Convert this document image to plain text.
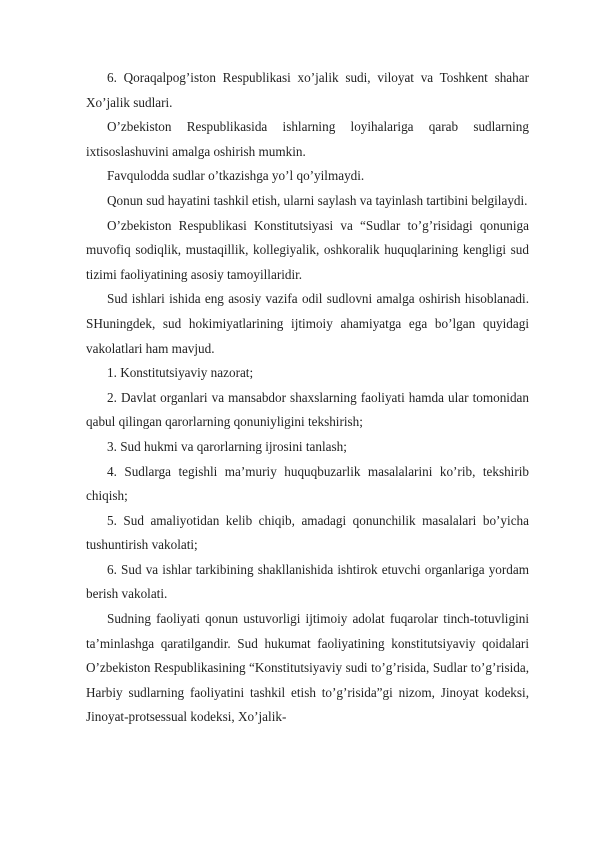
6. Qoraqalpog’iston Respublikasi xo’jalik sudi, viloyat va Toshkent shahar Xo’jalik sudlari.

O’zbekiston Respublikasida ishlarning loyihalariga qarab sudlarning ixtisoslashuvini amalga oshirish mumkin.

Favqulodda sudlar o’tkazishga yo’l qo’yilmaydi.

Qonun sud hayatini tashkil etish, ularni saylash va tayinlash tartibini belgilaydi.

O’zbekiston Respublikasi Konstitutsiyasi va “Sudlar to’g’risidagi qonuniga muvofiq sodiqlik, mustaqillik, kollegiyalik, oshkoralik huquqlarining kengligi sud tizimi faoliyatining asosiy tamoyillaridir.

Sud ishlari ishida eng asosiy vazifa odil sudlovni amalga oshirish hisoblanadi. SHuningdek, sud hokimiyatlarining ijtimoiy ahamiyatga ega bo’lgan quyidagi vakolatlari ham mavjud.

1. Konstitutsiyaviy nazorat;

2. Davlat organlari va mansabdor shaxslarning faoliyati hamda ular tomonidan qabul qilingan qarorlarning qonuniyligini tekshirish;

3. Sud hukmi va qarorlarning ijrosini tanlash;

4. Sudlarga tegishli ma’muriy huquqbuzarlik masalalarini ko’rib, tekshirib chiqish;

5. Sud amaliyotidan kelib chiqib, amadagi qonunchilik masalalari bo’yicha tushuntirish vakolati;

6. Sud va ishlar tarkibining shakllanishida ishtirok etuvchi organlariga yordam berish vakolati.

Sudning faoliyati qonun ustuvorligi ijtimoiy adolat fuqarolar tinch-totuvligini ta’minlashga qaratilgandir. Sud hukumat faoliyatining konstitutsiyaviy qoidalari O’zbekiston Respublikasining “Konstitutsiyaviy sudi to’g’risida, Sudlar to’g’risida, Harbiy sudlarning faoliyatini tashkil etish to’g’risida”gi nizom, Jinoyat kodeksi, Jinoyat-protsessual kodeksi, Xo’jalik-
